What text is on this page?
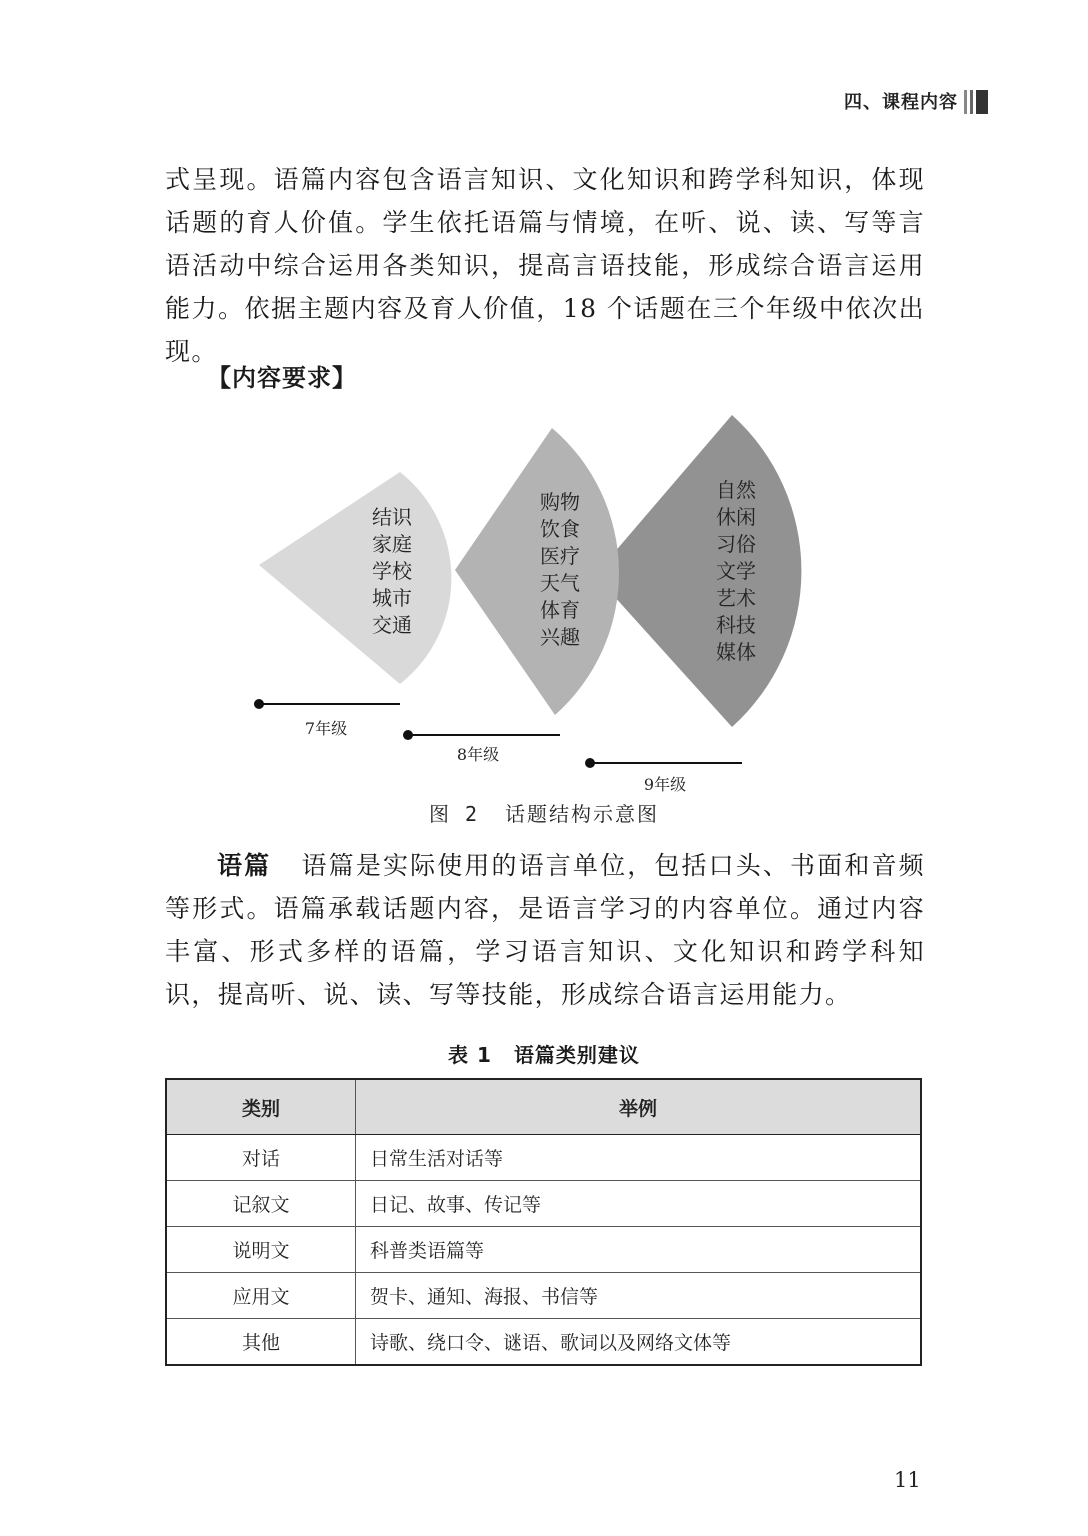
四、课程内容

式呈现。语篇内容包含语言知识、文化知识和跨学科知识，体现话题的育人价值。学生依托语篇与情境，在听、说、读、写等言语活动中综合运用各类知识，提高言语技能，形成综合语言运用能力。依据主题内容及育人价值，18 个话题在三个年级中依次出现。

【内容要求】
结识
家庭
学校
城市
交通
购物
饮食
医疗
天气
体育
兴趣
自然
休闲
习俗
文学
艺术
科技
媒体
7年级
8年级
9年级
图 2 话题结构示意图

语篇 语篇是实际使用的语言单位，包括口头、书面和音频等形式。语篇承载话题内容，是语言学习的内容单位。通过内容丰富、形式多样的语篇，学习语言知识、文化知识和跨学科知识，提高听、说、读、写等技能，形成综合语言运用能力。

表 1 语篇类别建议
类别	举例
对话	日常生活对话等
记叙文	日记、故事、传记等
说明文	科普类语篇等
应用文	贺卡、通知、海报、书信等
其他	诗歌、绕口令、谜语、歌词以及网络文体等
11
